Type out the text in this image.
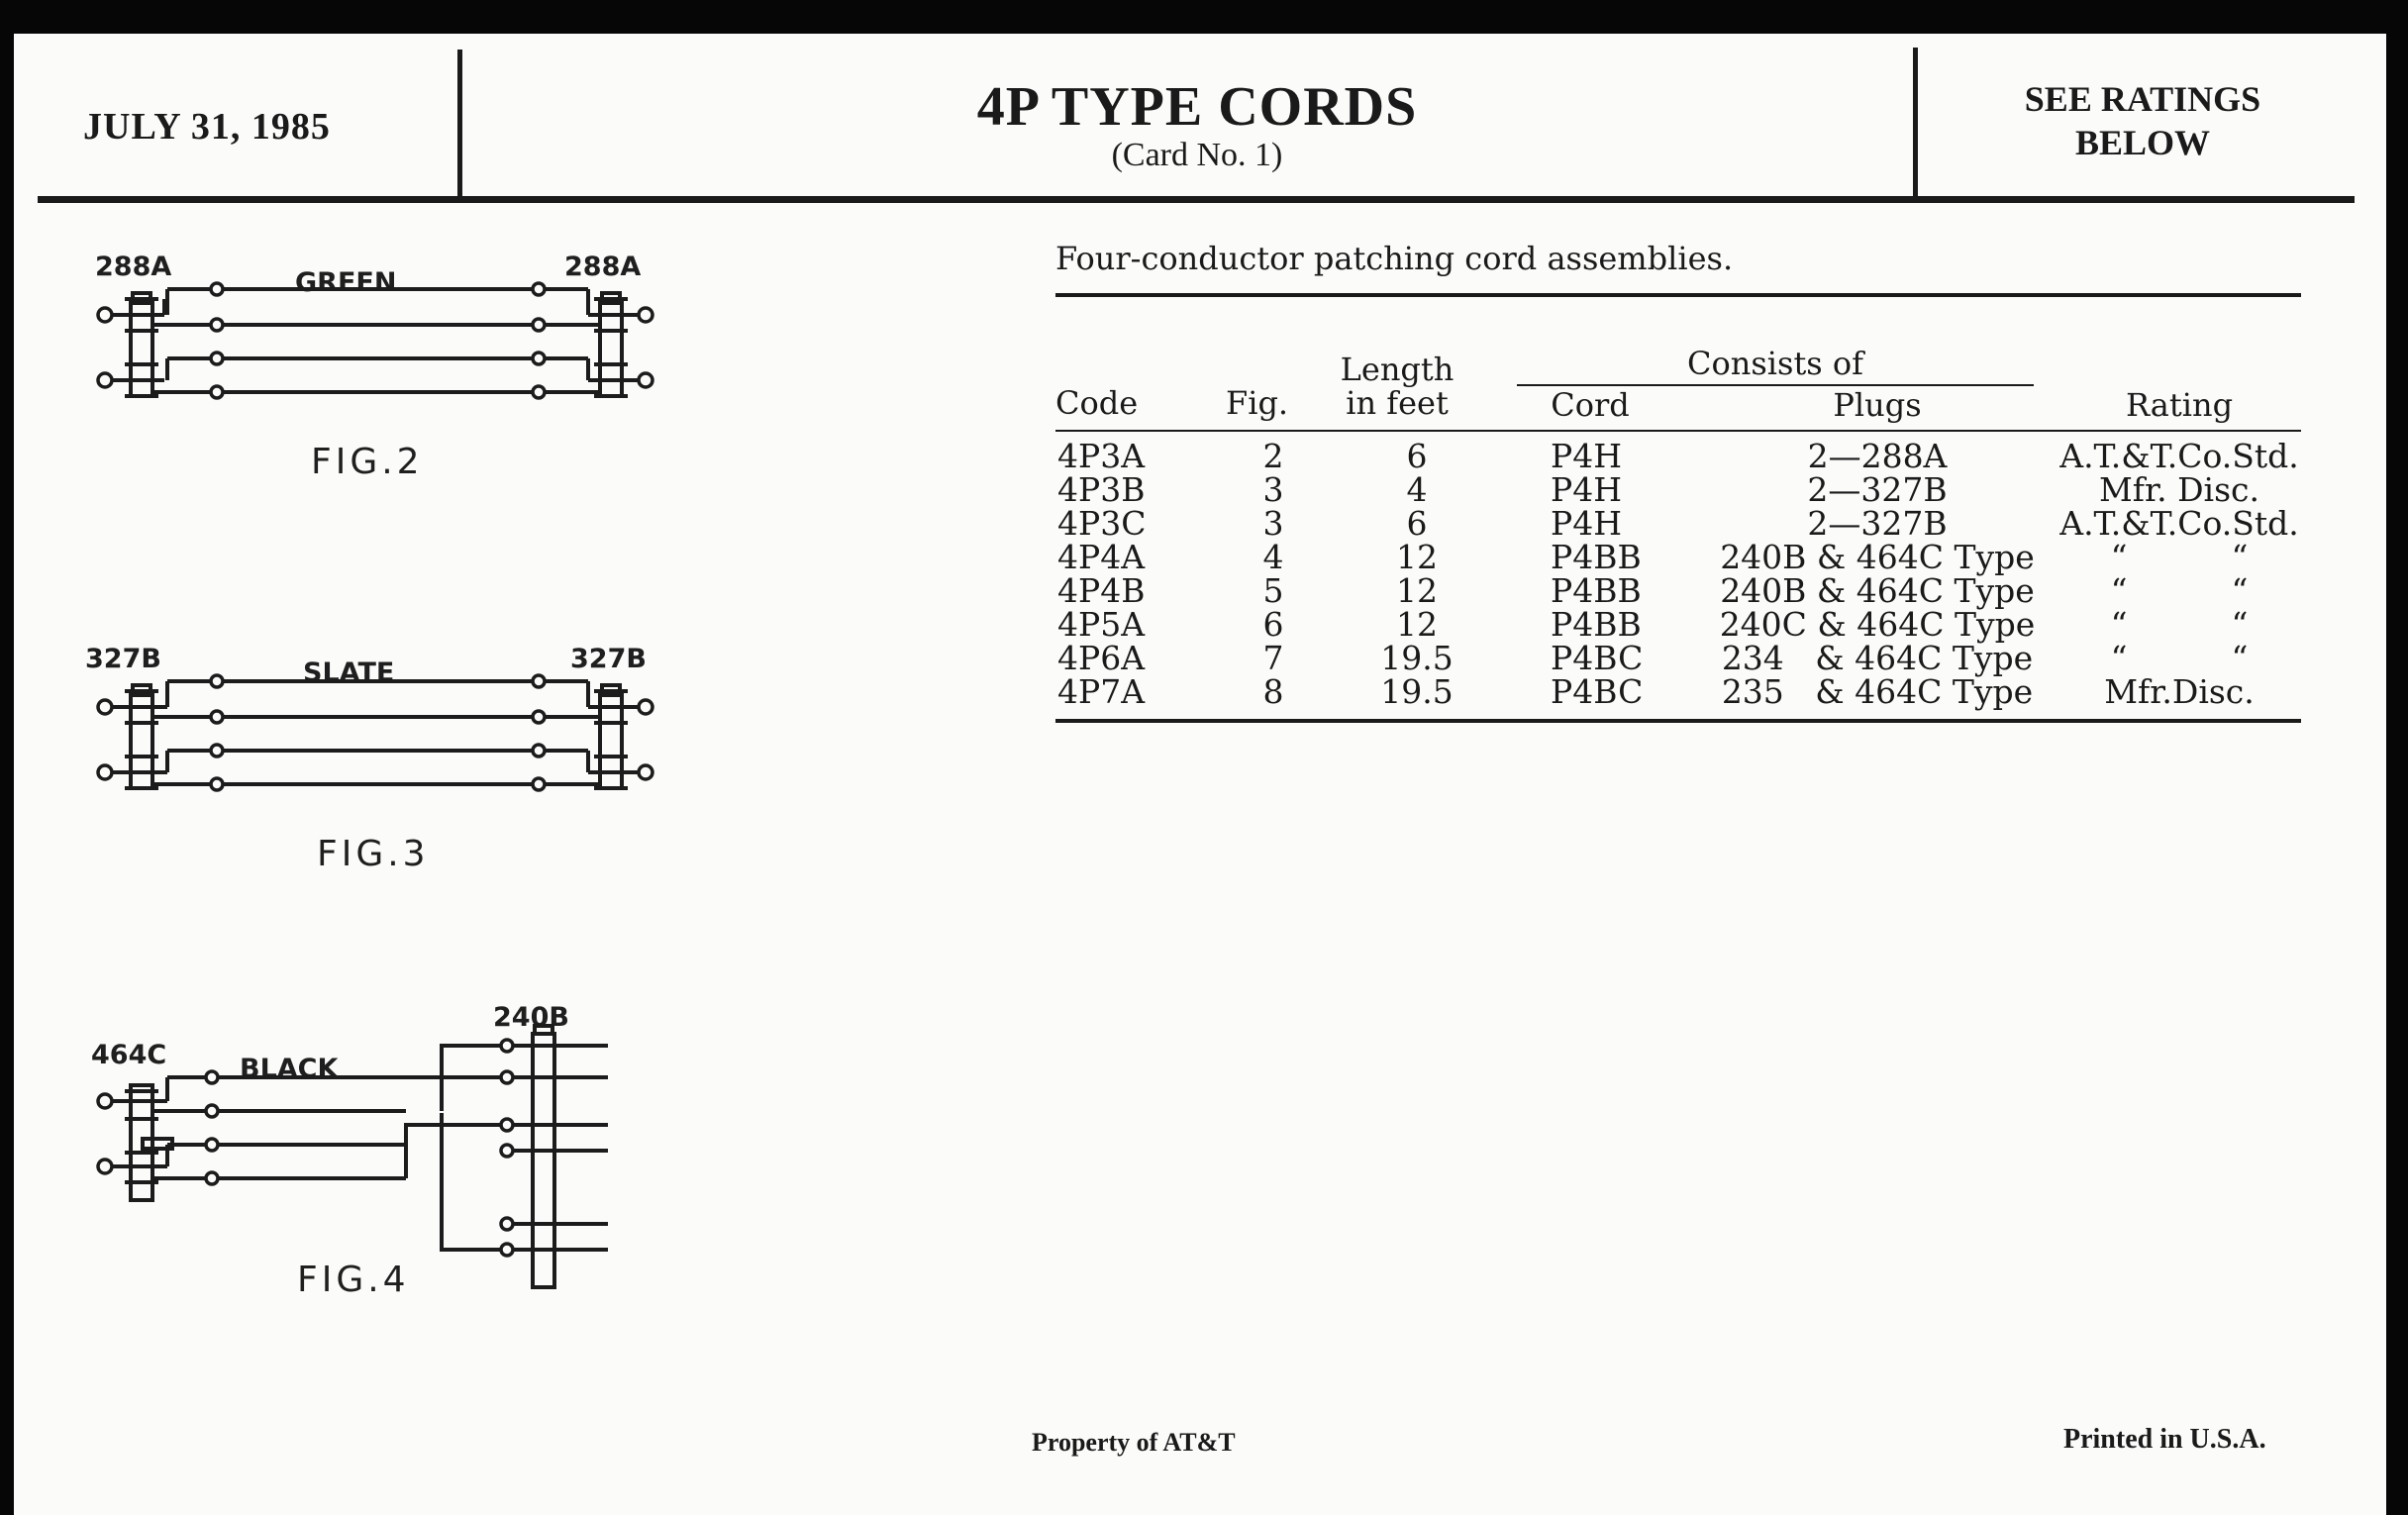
JULY 31, 1985	4P TYPE CORDS
(Card No. 1)
SEE RATINGS
BELOW
288A
GREEN
288A
FIG.2
327B	SLATE	327B
FIG.3
464C	BLACK
240B
FIG.4
Four-conductor patching cord assemblies.
Code	Fig.
Length
in feet
Consists of
Cord	Plugs	Rating
4P3A	2	6	P4H	2—288A	A.T.&T.Co.Std.
4P3B	3	4	P4H	2—327B	Mfr. Disc.
4P3C	3	6	P4H	2—327B	A.T.&T.Co.Std.
4P4A	4	12	P4BB	240B & 464C Type	“          “
4P4B	5	12	P4BB	240B & 464C Type	“          “
4P5A	6	12	P4BB	240C & 464C Type	“          “
4P6A	7	19.5	P4BC	234   & 464C Type	“          “
4P7A	8	19.5	P4BC	235   & 464C Type	Mfr.Disc.
Property of AT&T	Printed in U.S.A.
